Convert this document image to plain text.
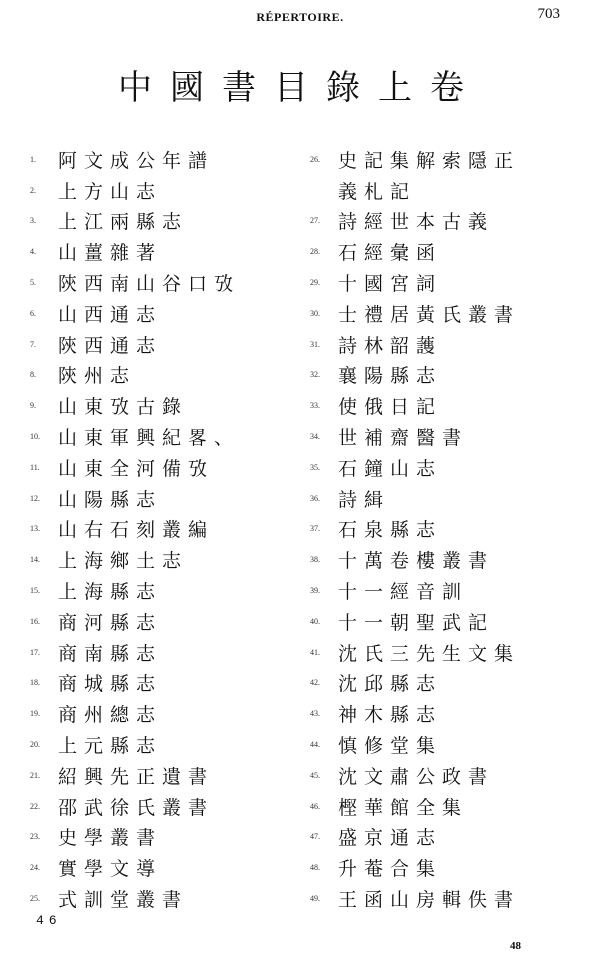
RÉPERTOIRE.	703
中國書目錄上卷
1.	阿文成公年譜
2.	上方山志
3.	上江兩縣志
4.	山薑雜著
5.	陝西南山谷口攷
6.	山西通志
7.	陝西通志
8.	陝州志
9.	山東攷古錄
10. 山東軍興紀畧、
11. 山東全河備攷
12. 山陽縣志
13. 山右石刻叢編
14. 上海鄉土志
15. 上海縣志
16. 商河縣志
17. 商南縣志
18. 商城縣志
19. 商州總志
20. 上元縣志
21. 紹興先正遺書
22. 邵武徐氏叢書
23. 史學叢書
24. 實學文導
25. 式訓堂叢書
26. 史記集解索隱正
義札記
27. 詩經世本古義
28. 石經彙函
29. 十國宮詞
30. 士禮居黃氏叢書
31. 詩林韶䕶
32. 襄陽縣志
33. 使俄日記
34. 世補齋醫書
35. 石鐘山志
36. 詩緝
37. 石泉縣志
38. 十萬卷樓叢書
39. 十一經音訓
40. 十一朝聖武記
41. 沈氏三先生文集
42. 沈邱縣志
43. 神木縣志
44. 慎修堂集
45. 沈文肅公政書
46. 樫華館全集
47. 盛京通志
48. 升菴合集
49. 王函山房輯佚書
46
48
